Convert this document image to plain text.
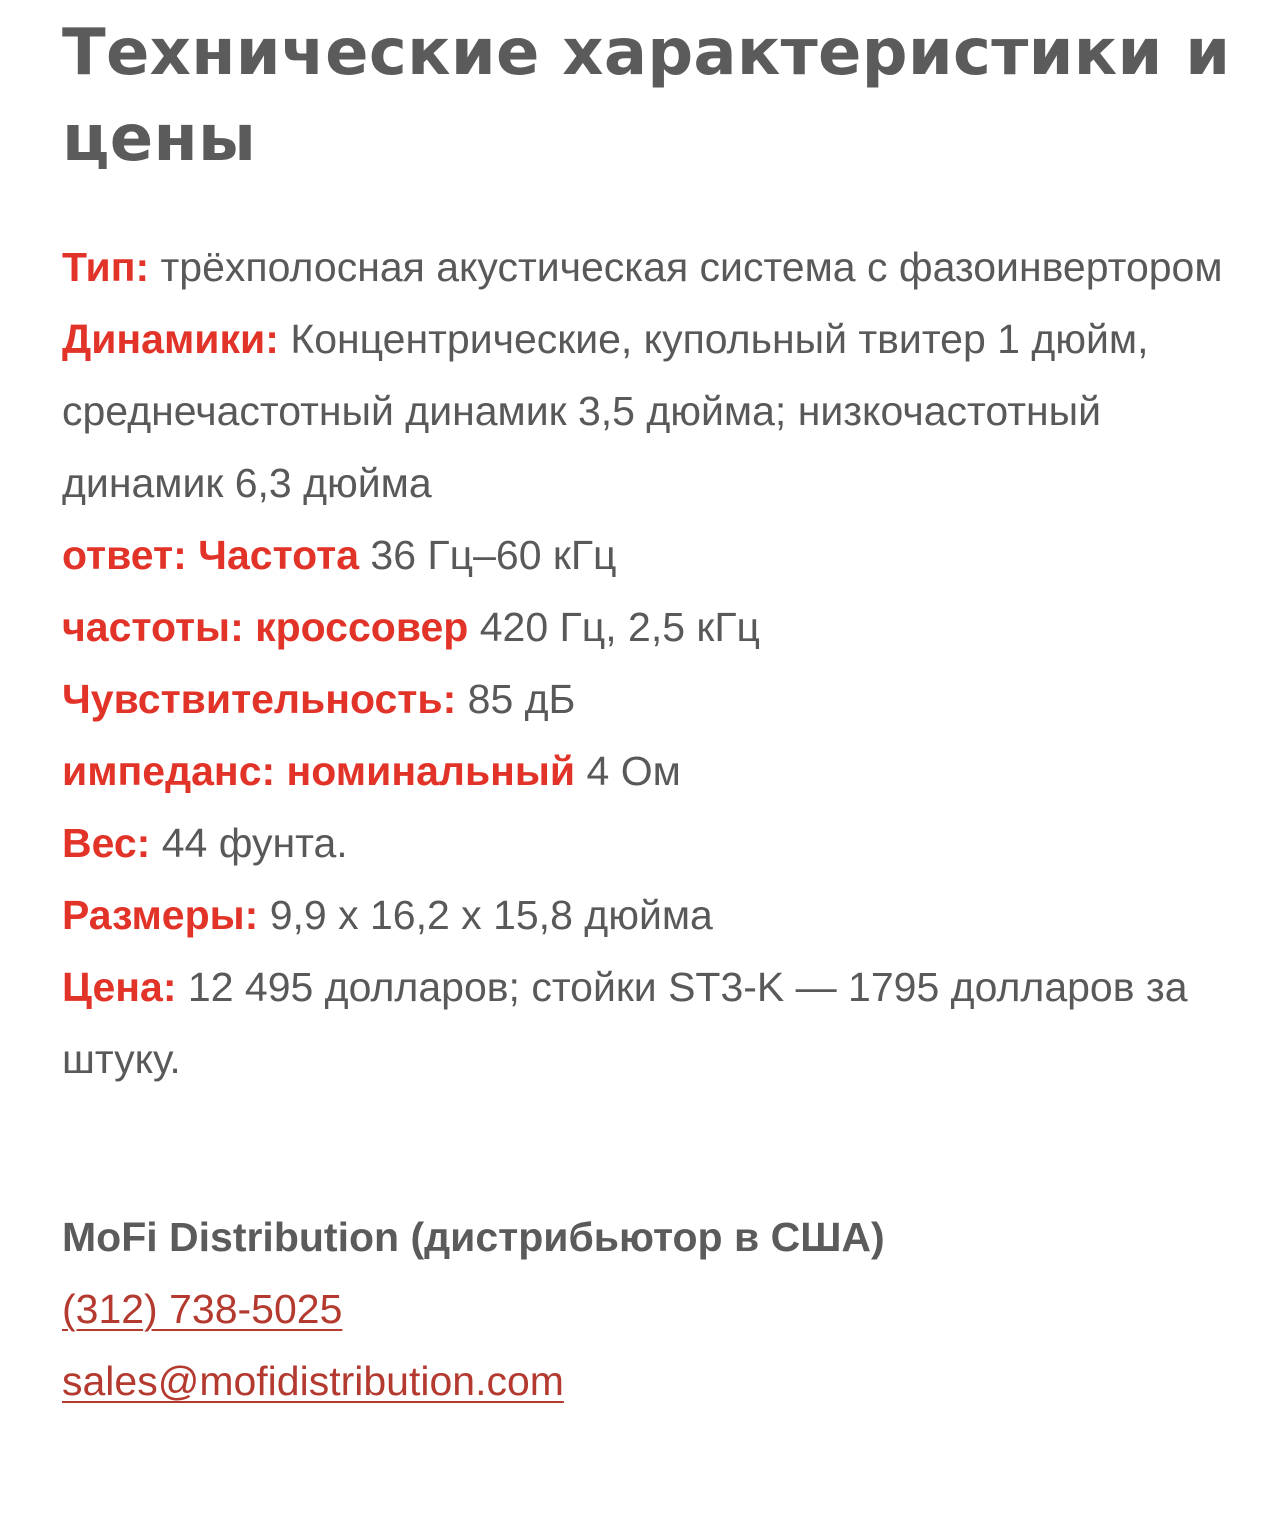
Технические характеристики и цены

Тип: трёхполосная акустическая система с фазоинвертором

Динамики: Концентрические, купольный твитер 1 дюйм, среднечастотный динамик 3,5 дюйма; низкочастотный динамик 6,3 дюйма

ответ: Частота 36 Гц–60 кГц

частоты: кроссовер 420 Гц, 2,5 кГц

Чувствительность: 85 дБ

импеданс: номинальный 4 Ом

Вес: 44 фунта.

Размеры: 9,9 x 16,2 x 15,8 дюйма

Цена: 12 495 долларов; стойки ST3-K — 1795 долларов за штуку.

MoFi Distribution (дистрибьютор в США)

(312) 738-5025
sales@mofidistribution.com
